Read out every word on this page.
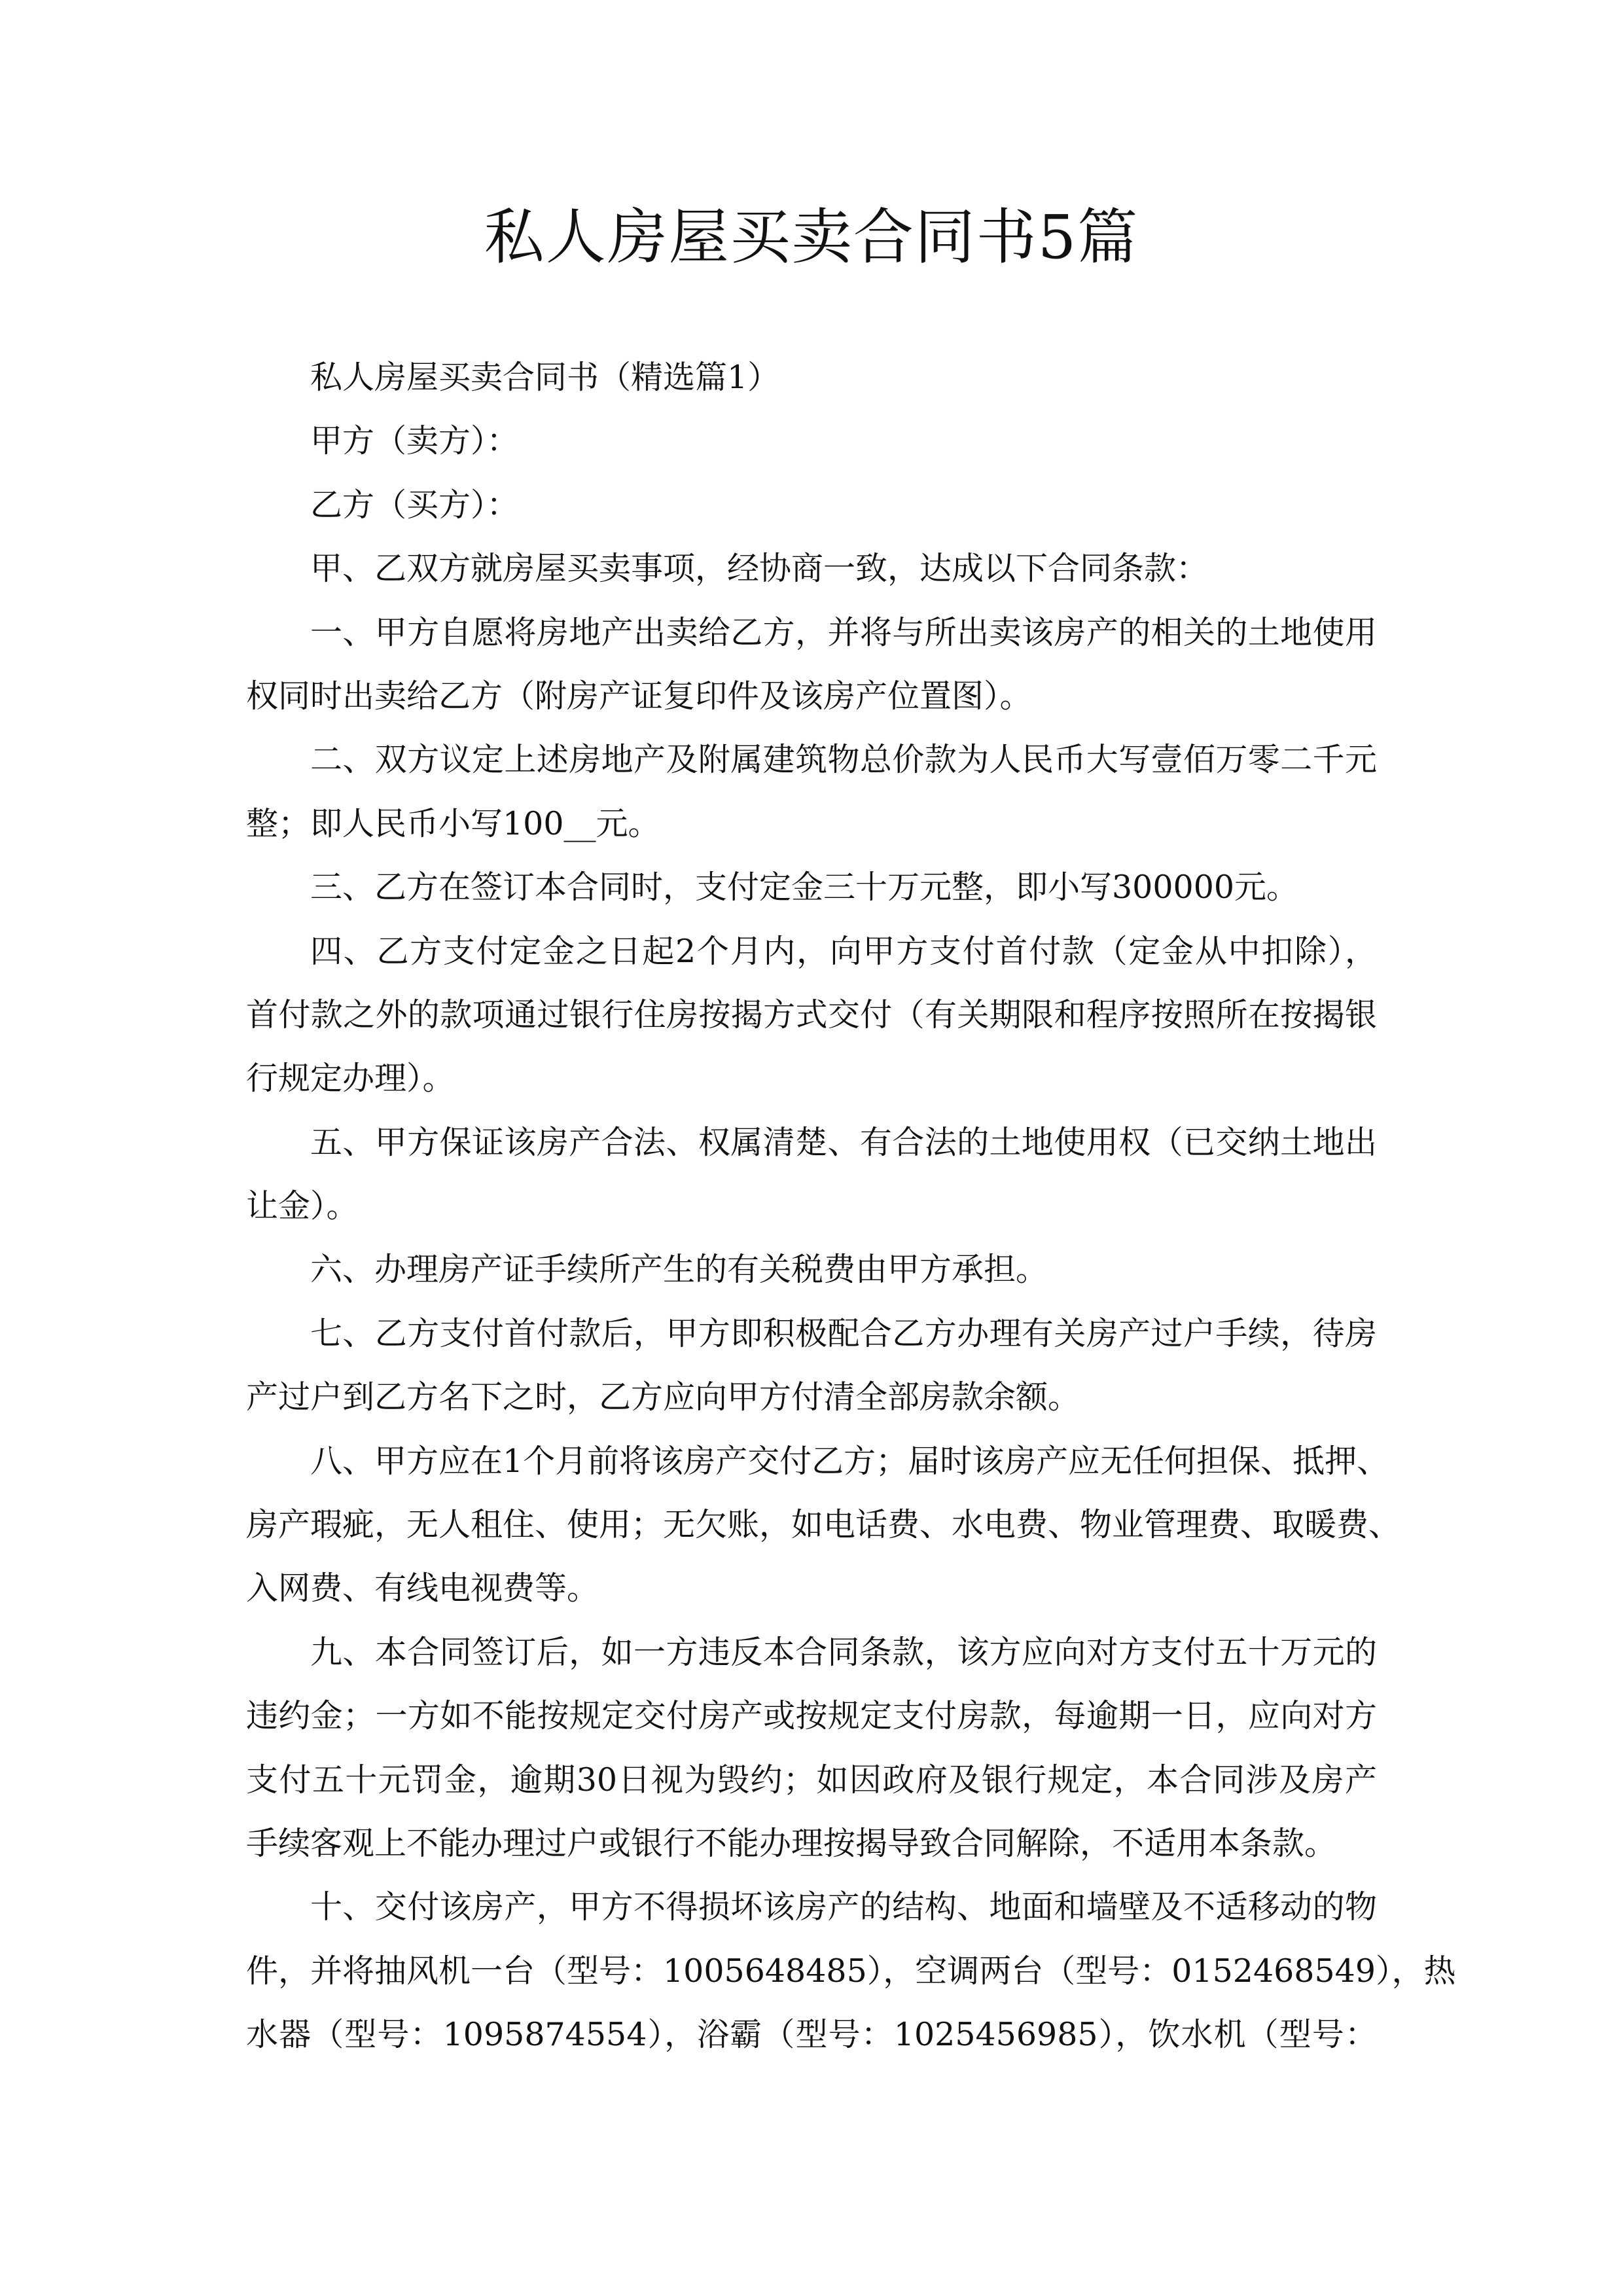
私人房屋买卖合同书5篇
私人房屋买卖合同书（精选篇1）
甲方（卖方）：
乙方（买方）：
甲、乙双方就房屋买卖事项，经协商一致，达成以下合同条款：
一、甲方自愿将房地产出卖给乙方，并将与所出卖该房产的相关的土地使用
权同时出卖给乙方（附房产证复印件及该房产位置图）。
二、双方议定上述房地产及附属建筑物总价款为人民币大写壹佰万零二千元
整；即人民币小写100__元。
三、乙方在签订本合同时，支付定金三十万元整，即小写300000元。
四、乙方支付定金之日起2个月内，向甲方支付首付款（定金从中扣除），
首付款之外的款项通过银行住房按揭方式交付（有关期限和程序按照所在按揭银
行规定办理）。
五、甲方保证该房产合法、权属清楚、有合法的土地使用权（已交纳土地出
让金）。
六、办理房产证手续所产生的有关税费由甲方承担。
七、乙方支付首付款后，甲方即积极配合乙方办理有关房产过户手续，待房
产过户到乙方名下之时，乙方应向甲方付清全部房款余额。
八、甲方应在1个月前将该房产交付乙方；届时该房产应无任何担保、抵押、
房产瑕疵，无人租住、使用；无欠账，如电话费、水电费、物业管理费、取暖费、
入网费、有线电视费等。
九、本合同签订后，如一方违反本合同条款，该方应向对方支付五十万元的
违约金；一方如不能按规定交付房产或按规定支付房款，每逾期一日，应向对方
支付五十元罚金，逾期30日视为毁约；如因政府及银行规定，本合同涉及房产
手续客观上不能办理过户或银行不能办理按揭导致合同解除，不适用本条款。
十、交付该房产，甲方不得损坏该房产的结构、地面和墙壁及不适移动的物
件，并将抽风机一台（型号：1005648485），空调两台（型号：0152468549），热
水器（型号：1095874554），浴霸（型号：1025456985），饮水机（型号：
